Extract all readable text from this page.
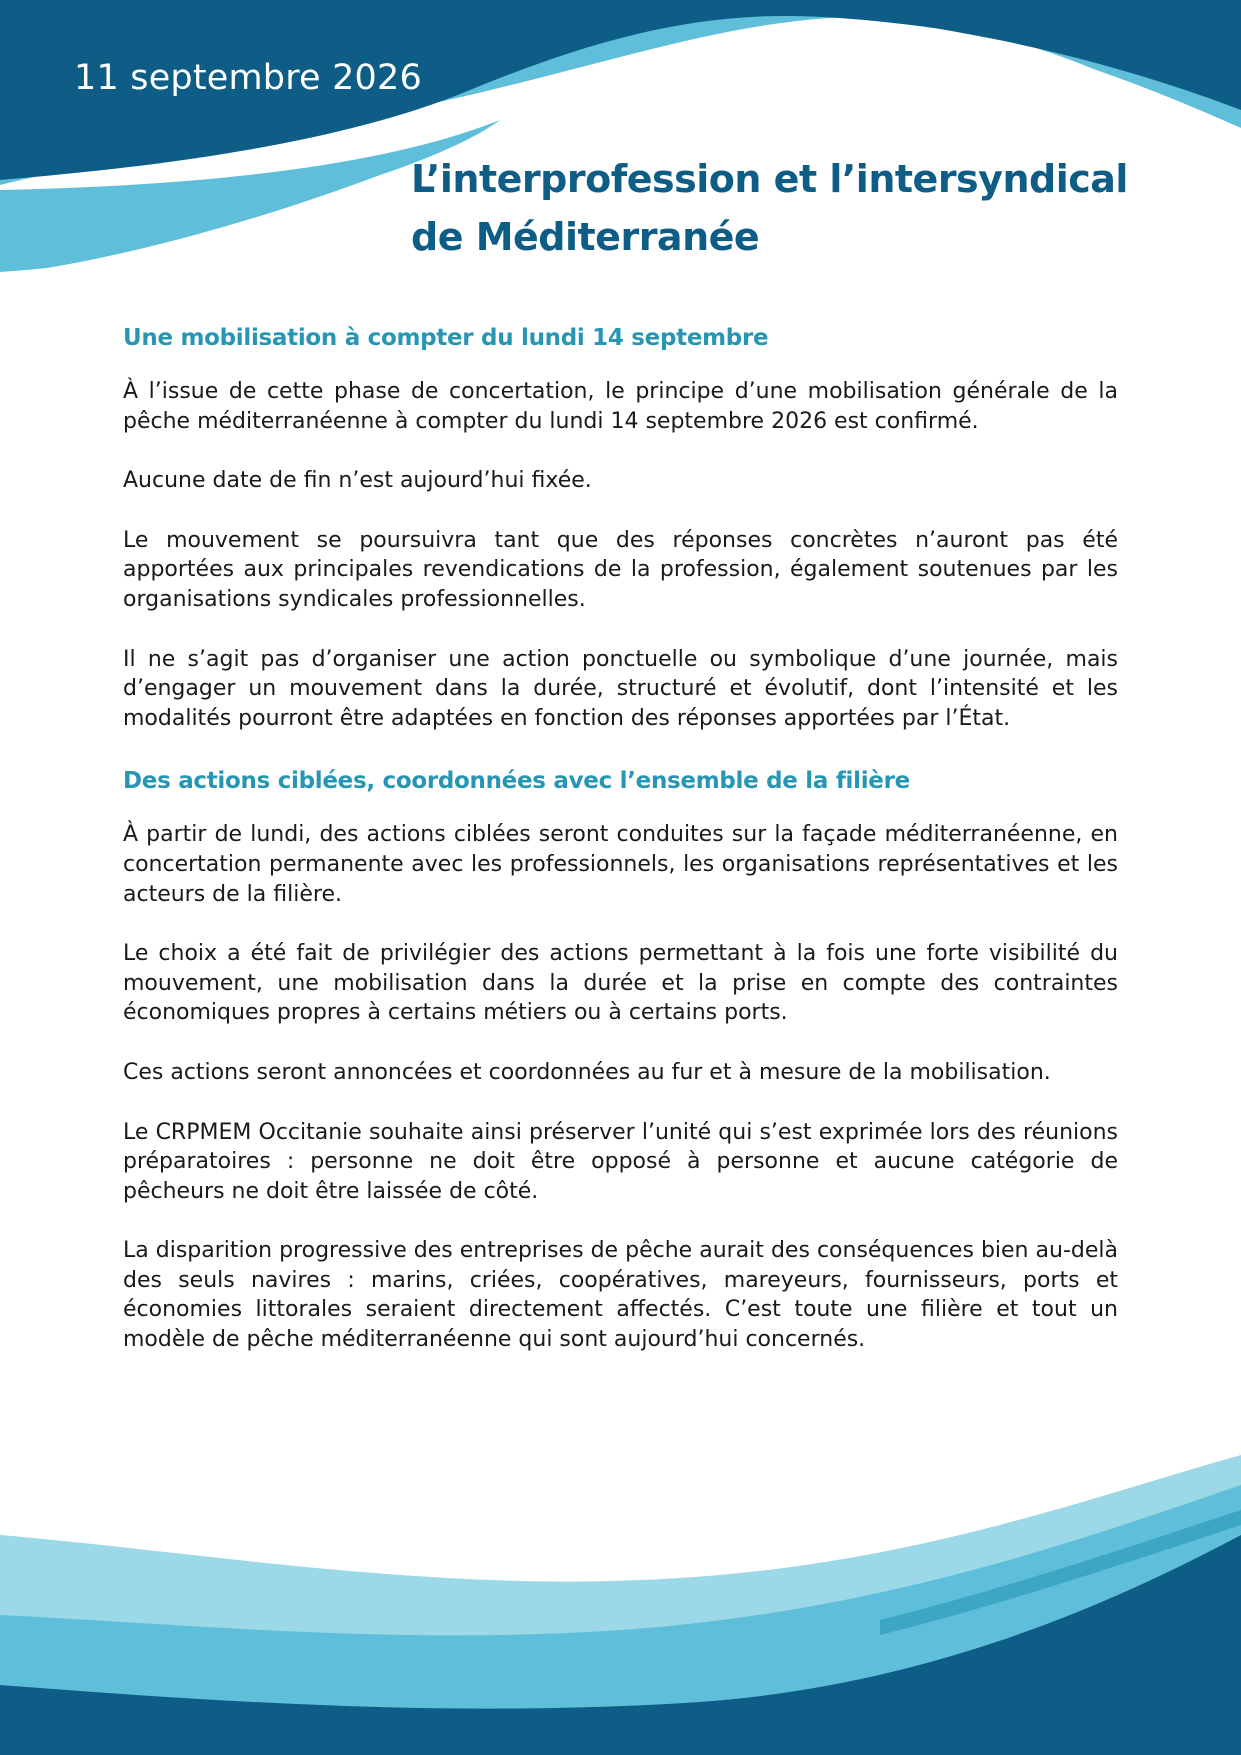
11 septembre 2026

L’interprofession et l’intersyndical
de Méditerranée
Une mobilisation à compter du lundi 14 septembre

À l’issue de cette phase de concertation, le principe d’une mobilisation générale de la pêche méditerranéenne à compter du lundi 14 septembre 2026 est confirmé.

Aucune date de fin n’est aujourd’hui fixée.

Le mouvement se poursuivra tant que des réponses concrètes n’auront pas été apportées aux principales revendications de la profession, également soutenues par les organisations syndicales professionnelles.

Il ne s’agit pas d’organiser une action ponctuelle ou symbolique d’une journée, mais d’engager un mouvement dans la durée, structuré et évolutif, dont l’intensité et les modalités pourront être adaptées en fonction des réponses apportées par l’État.

Des actions ciblées, coordonnées avec l’ensemble de la filière

À partir de lundi, des actions ciblées seront conduites sur la façade méditerranéenne, en concertation permanente avec les professionnels, les organisations représentatives et les acteurs de la filière.

Le choix a été fait de privilégier des actions permettant à la fois une forte visibilité du mouvement, une mobilisation dans la durée et la prise en compte des contraintes économiques propres à certains métiers ou à certains ports.

Ces actions seront annoncées et coordonnées au fur et à mesure de la mobilisation.

Le CRPMEM Occitanie souhaite ainsi préserver l’unité qui s’est exprimée lors des réunions préparatoires : personne ne doit être opposé à personne et aucune catégorie de pêcheurs ne doit être laissée de côté.

La disparition progressive des entreprises de pêche aurait des conséquences bien au-delà des seuls navires : marins, criées, coopératives, mareyeurs, fournisseurs, ports et économies littorales seraient directement affectés. C’est toute une filière et tout un modèle de pêche méditerranéenne qui sont aujourd’hui concernés.
